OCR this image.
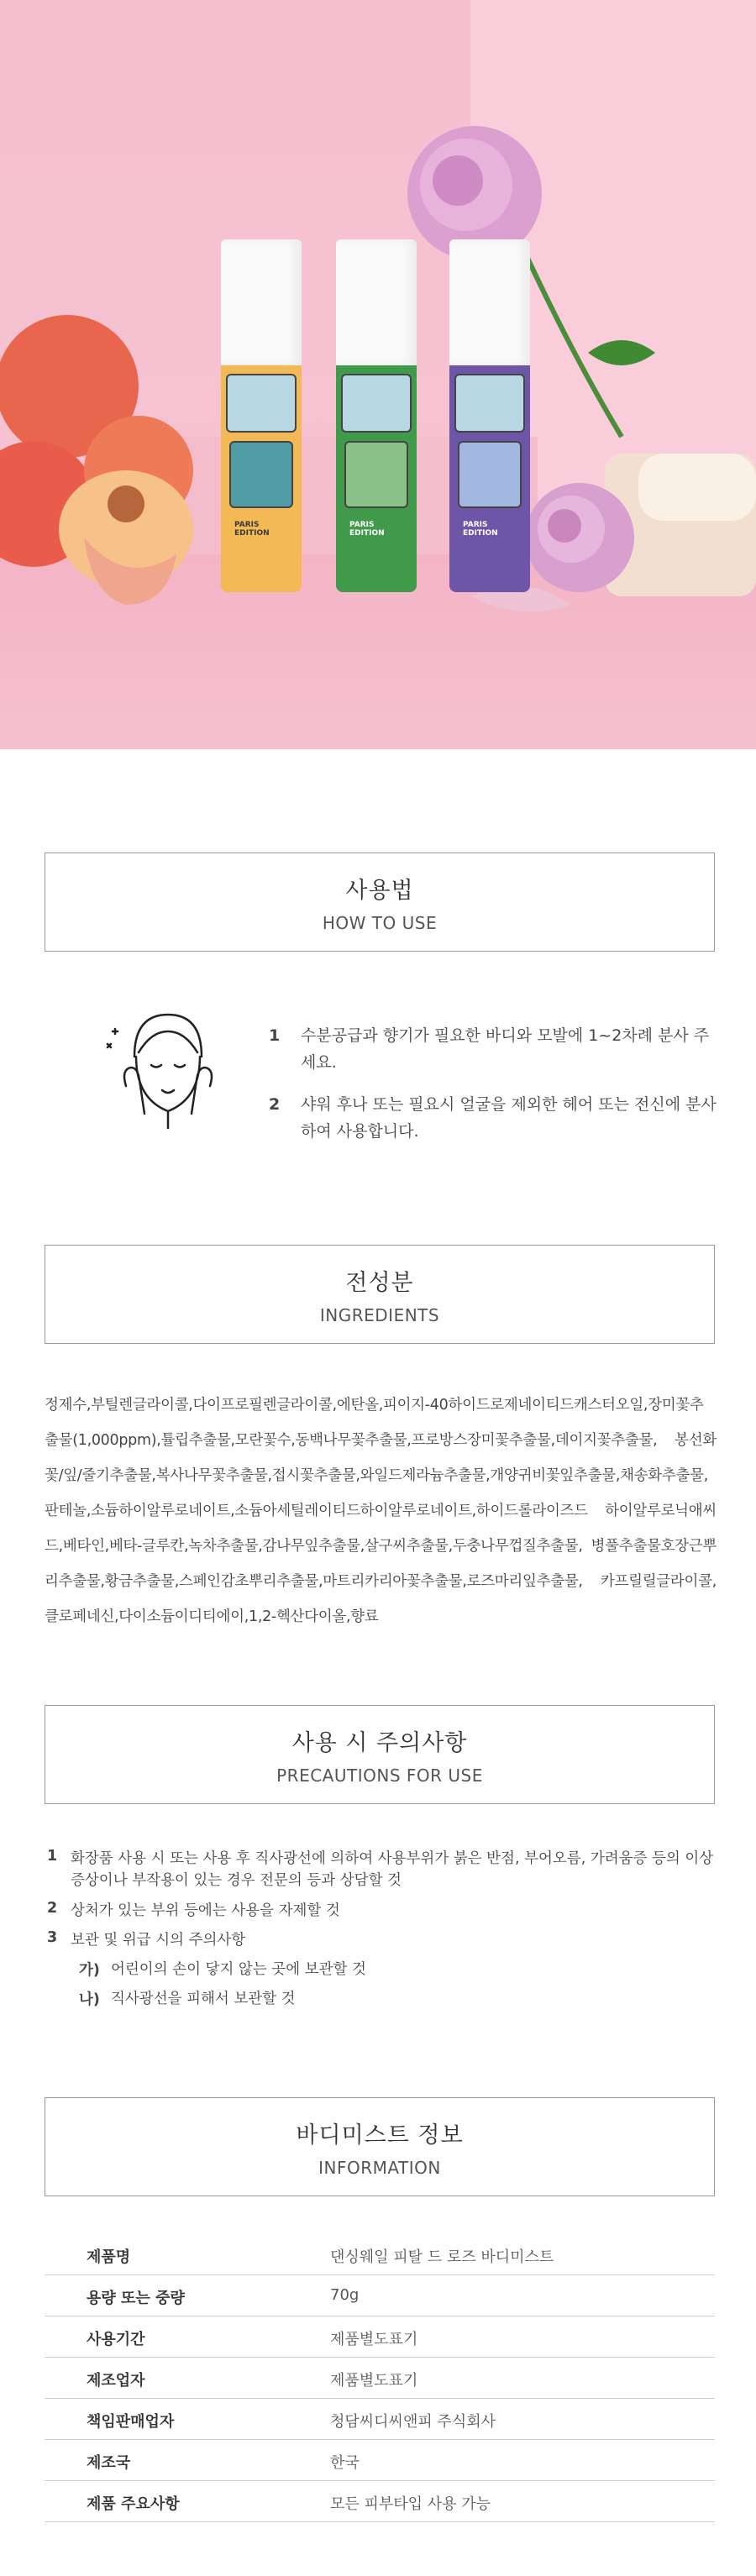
PARIS EDITION
PARIS EDITION
PARIS EDITION
사용법
HOW TO USE
1 수분공급과 향기가 필요한 바디와 모발에 1~2차례 분사 주세요.
2 샤워 후나 또는 필요시 얼굴을 제외한 헤어 또는 전신에 분사하여 사용합니다.
전성분
INGREDIENTS
정제수,부틸렌글라이콜,다이프로필렌글라이콜,에탄올,피이지-40하이드로제네이티드캐스터오일,장미꽃추출물(1,000ppm),튤립추출물,모란꽃수,동백나무꽃추출물,프로방스장미꽃추출물,데이지꽃추출물, 봉선화꽃/잎/줄기추출물,복사나무꽃추출물,접시꽃추출물,와일드제라늄추출물,개양귀비꽃잎추출물,채송화추출물,판테놀,소듐하이알루로네이트,소듐아세틸레이티드하이알루로네이트,하이드롤라이즈드 하이알루로닉애씨드,베타인,베타-글루칸,녹차추출물,감나무잎추출물,살구씨추출물,두충나무껍질추출물, 병풀추출물호장근뿌리추출물,황금추출물,스페인감초뿌리추출물,마트리카리아꽃추출물,로즈마리잎추출물, 카프릴릴글라이콜,클로페네신,다이소듐이디티에이,1,2-헥산다이올,향료
사용 시 주의사항
PRECAUTIONS FOR USE
1 화장품 사용 시 또는 사용 후 직사광선에 의하여 사용부위가 붉은 반점, 부어오름, 가려움증 등의 이상 증상이나 부작용이 있는 경우 전문의 등과 상담할 것
2 상처가 있는 부위 등에는 사용을 자제할 것
3 보관 및 위급 시의 주의사항
가) 어린이의 손이 닿지 않는 곳에 보관할 것
나) 직사광선을 피해서 보관할 것
바디미스트 정보
INFORMATION
제품명	댄싱웨일 피탈 드 로즈 바디미스트
용량 또는 중량	70g
사용기간	제품별도표기
제조업자	제품별도표기
책임판매업자	청담씨디씨앤피 주식회사
제조국	한국
제품 주요사항	모든 피부타입 사용 가능
